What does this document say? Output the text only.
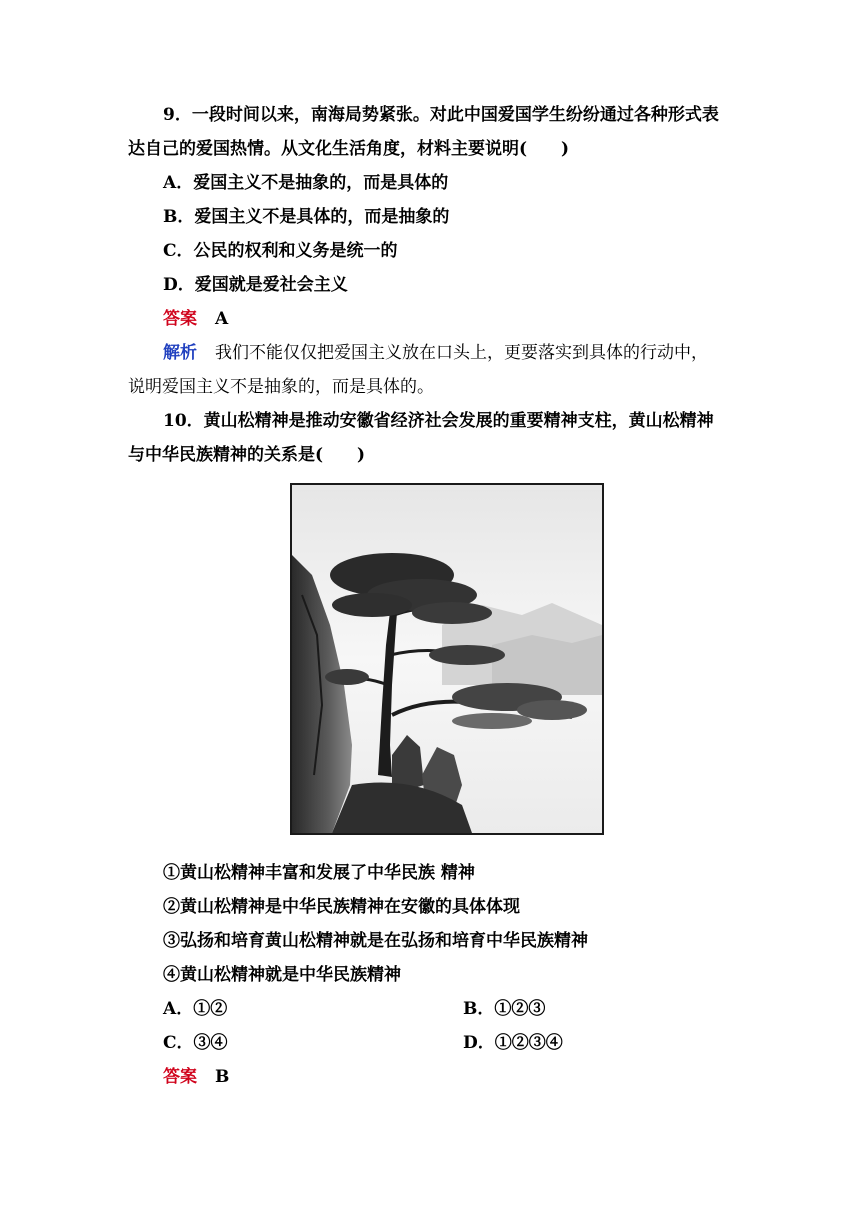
9．一段时间以来，南海局势紧张。对此中国爱国学生纷纷通过各种形式表
达自己的爱国热情。从文化生活角度，材料主要说明(　　)
A．爱国主义不是抽象的，而是具体的
B．爱国主义不是具体的，而是抽象的
C．公民的权利和义务是统一的
D．爱国就是爱社会主义
答案 A
解析 我们不能仅仅把爱国主义放在口头上，更要落实到具体的行动中，
说明爱国主义不是抽象的，而是具体的。
10．黄山松精神是推动安徽省经济社会发展的重要精神支柱，黄山松精神
与中华民族精神的关系是(　　)
①黄山松精神丰富和发展了中华民族 精神
②黄山松精神是中华民族精神在安徽的具体体现
③弘扬和培育黄山松精神就是在弘扬和培育中华民族精神
④黄山松精神就是中华民族精神
A．①②	B．①②③
C．③④	D．①②③④
答案 B
